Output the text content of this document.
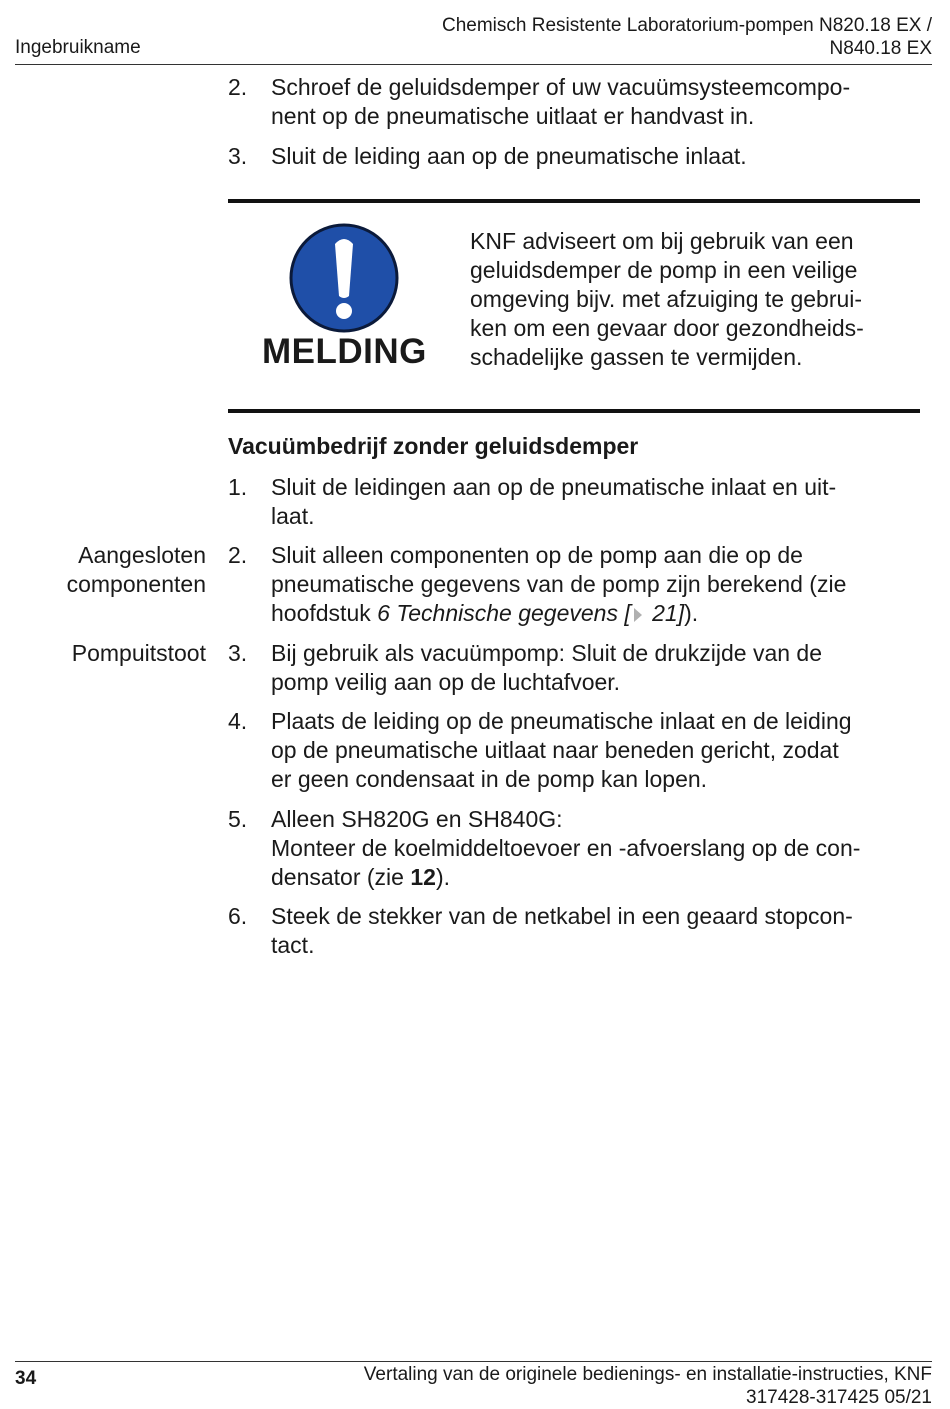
Ingebruikname
Chemisch Resistente Laboratorium-pompen N820.18 EX /
N840.18 EX
2.	Schroef de geluidsdemper of uw vacuümsysteemcompo-
nent op de pneumatische uitlaat er handvast in.
3.	Sluit de leiding aan op de pneumatische inlaat.
MELDING
KNF adviseert om bij gebruik van een
geluidsdemper de pomp in een veilige
omgeving bijv. met afzuiging te gebrui-
ken om een gevaar door gezondheids-
schadelijke gassen te vermijden.
Vacuümbedrijf zonder geluidsdemper
1.	Sluit de leidingen aan op de pneumatische inlaat en uit-
laat.
Aangesloten
componenten
2.	Sluit alleen componenten op de pomp aan die op de
pneumatische gegevens van de pomp zijn berekend (zie
hoofdstuk 6 Technische gegevens [ 21]).
Pompuitstoot 3.	Bij gebruik als vacuümpomp: Sluit de drukzijde van de
pomp veilig aan op de luchtafvoer.
4.	Plaats de leiding op de pneumatische inlaat en de leiding
op de pneumatische uitlaat naar beneden gericht, zodat
er geen condensaat in de pomp kan lopen.
5.	Alleen SH820G en SH840G:
Monteer de koelmiddeltoevoer en -afvoerslang op de con-
densator (zie 12).
6.	Steek de stekker van de netkabel in een geaard stopcon-
tact.
34	Vertaling van de originele bedienings- en installatie-instructies, KNF
317428-317425 05/21
